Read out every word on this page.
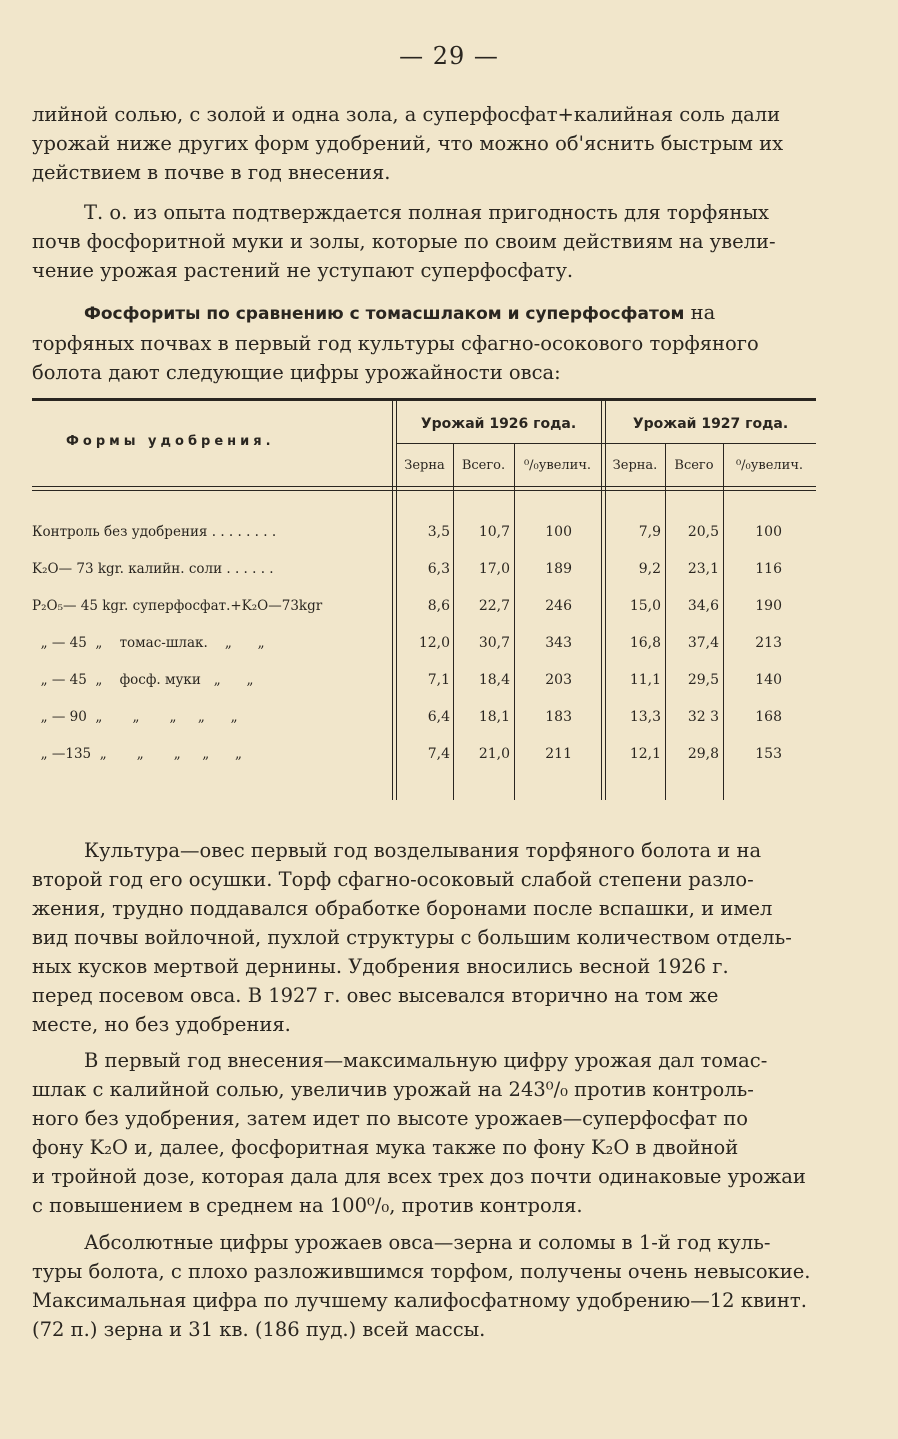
— 29 —
лийной солью, с золой и одна зола, а суперфосфат+калийная соль дали
урожай ниже других форм удобрений, что можно об'яснить быстрым их
действием в почве в год внесения.
Т. о. из опыта подтверждается полная пригодность для торфяных
почв фосфоритной муки и золы, которые по своим действиям на увели-
чение урожая растений не уступают суперфосфату.
Фосфориты по сравнению с томасшлаком и суперфосфатом на
торфяных почвах в первый год культуры сфагно-осокового торфяного
болота дают следующие цифры урожайности овса:
Формы удобрения.
Урожай 1926 года.	Урожай 1927 года.
Зерна	Всего.	⁰/₀увелич.	Зерна.	Всего	⁰/₀увелич.
Контроль без удобрения . . . . . . . .	3,5 10,7	100	7,9 20,5	100
K₂O— 73 kgr. калийн. соли . . . . . .	6,3 17,0	189	9,2 23,1	116
P₂O₅— 45 kgr. суперфосфат.+K₂O—73kgr	8,6 22,7	246	15,0 34,6	190
„ — 45  „    томас-шлак.    „      „	12,0 30,7	343	16,8 37,4	213
„ — 45  „    фосф. муки   „      „	7,1 18,4	203	11,1 29,5	140
„ — 90  „       „       „     „      „	6,4 18,1	183	13,3 32 3	168
„ —135  „       „       „     „      „	7,4 21,0	211	12,1 29,8	153
Культура—овес первый год возделывания торфяного болота и на
второй год его осушки. Торф сфагно-осоковый слабой степени разло-
жения, трудно поддавался обработке боронами после вспашки, и имел
вид почвы войлочной, пухлой структуры с большим количеством отдель-
ных кусков мертвой дернины. Удобрения вносились весной 1926 г.
перед посевом овса. В 1927 г. овес высевался вторично на том же
месте, но без удобрения.
В первый год внесения—максимальную цифру урожая дал томас-
шлак с калийной солью, увеличив урожай на 243⁰/₀ против контроль-
ного без удобрения, затем идет по высоте урожаев—суперфосфат по
фону K₂O и, далее, фосфоритная мука также по фону K₂O в двойной
и тройной дозе, которая дала для всех трех доз почти одинаковые урожаи
с повышением в среднем на 100⁰/₀, против контроля.
Абсолютные цифры урожаев овса—зерна и соломы в 1-й год куль-
туры болота, с плохо разложившимся торфом, получены очень невысокие.
Максимальная цифра по лучшему калифосфатному удобрению—12 квинт.
(72 п.) зерна и 31 кв. (186 пуд.) всей массы.
